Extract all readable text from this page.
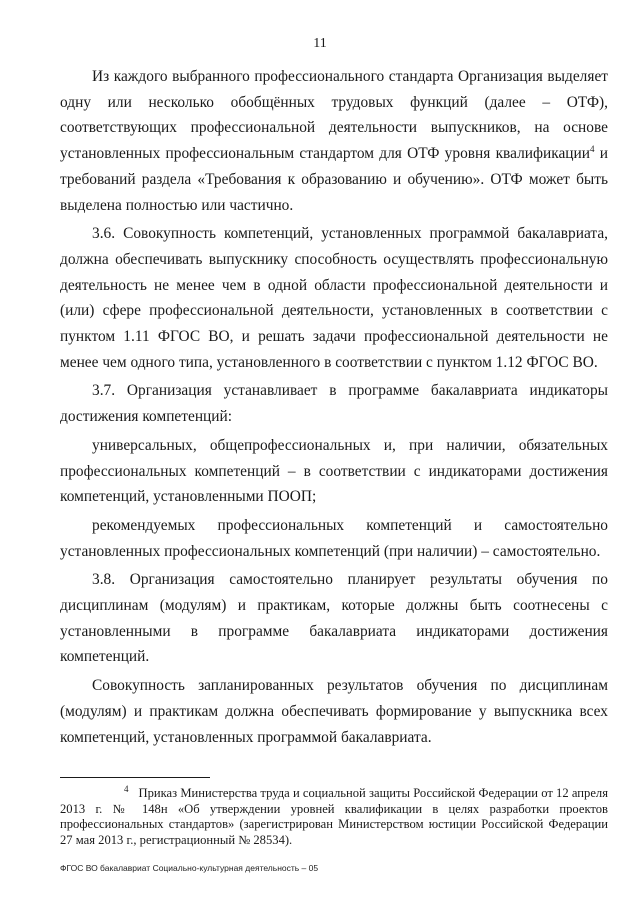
11

Из каждого выбранного профессионального стандарта Организация выделяет одну или несколько обобщённых трудовых функций (далее – ОТФ), соответствующих профессиональной деятельности выпускников, на основе установленных профессиональным стандартом для ОТФ уровня квалификации$^4$ и требований раздела «Требования к образованию и обучению». ОТФ может быть выделена полностью или частично.

3.6. Совокупность компетенций, установленных программой бакалавриата, должна обеспечивать выпускнику способность осуществлять профессиональную деятельность не менее чем в одной области профессиональной деятельности и (или) сфере профессиональной деятельности, установленных в соответствии с пунктом 1.11 ФГОС ВО, и решать задачи профессиональной деятельности не менее чем одного типа, установленного в соответствии с пунктом 1.12 ФГОС ВО.

3.7. Организация устанавливает в программе бакалавриата индикаторы достижения компетенций:

универсальных, общепрофессиональных и, при наличии, обязательных профессиональных компетенций – в соответствии с индикаторами достижения компетенций, установленными ПООП;

рекомендуемых профессиональных компетенций и самостоятельно установленных профессиональных компетенций (при наличии) – самостоятельно.

3.8. Организация самостоятельно планирует результаты обучения по дисциплинам (модулям) и практикам, которые должны быть соотнесены с установленными в программе бакалавриата индикаторами достижения компетенций.

Совокупность запланированных результатов обучения по дисциплинам (модулям) и практикам должна обеспечивать формирование у выпускника всех компетенций, установленных программой бакалавриата.

4 Приказ Министерства труда и социальной защиты Российской Федерации от 12 апреля 2013 г. № 148н «Об утверждении уровней квалификации в целях разработки проектов профессиональных стандартов» (зарегистрирован Министерством юстиции Российской Федерации 27 мая 2013 г., регистрационный № 28534).

ФГОС ВО бакалавриат Социально-культурная деятельность – 05
